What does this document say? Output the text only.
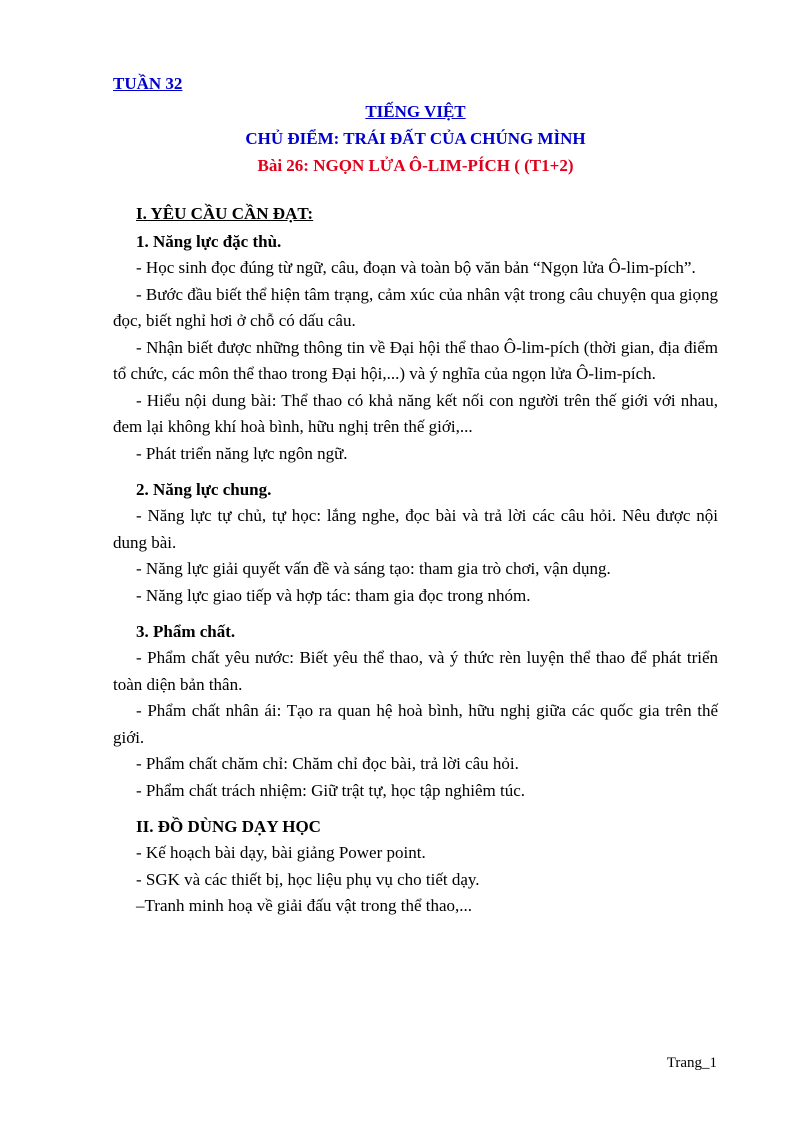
TUẦN 32

TIẾNG VIỆT

CHỦ ĐIỂM: TRÁI ĐẤT CỦA CHÚNG MÌNH

Bài 26: NGỌN LỬA Ô-LIM-PÍCH ( (T1+2)

I. YÊU CẦU CẦN ĐẠT:
1. Năng lực đặc thù.

- Học sinh đọc đúng từ ngữ, câu, đoạn và toàn bộ văn bản “Ngọn lửa Ô-lim-pích”.

- Bước đầu biết thể hiện tâm trạng, cảm xúc của nhân vật trong câu chuyện qua giọng đọc, biết nghỉ hơi ở chỗ có dấu câu.

- Nhận biết được những thông tin về Đại hội thể thao Ô-lim-pích (thời gian, địa điểm tổ chức, các môn thể thao trong Đại hội,...) và ý nghĩa của ngọn lửa Ô-lim-pích.

- Hiểu nội dung bài: Thể thao có khả năng kết nối con người trên thế giới với nhau, đem lại không khí hoà bình, hữu nghị trên thế giới,...

- Phát triển năng lực ngôn ngữ.

2. Năng lực chung.

- Năng lực tự chủ, tự học: lắng nghe, đọc bài và trả lời các câu hỏi. Nêu được nội dung bài.

- Năng lực giải quyết vấn đề và sáng tạo: tham gia trò chơi, vận dụng.

- Năng lực giao tiếp và hợp tác: tham gia đọc trong nhóm.

3. Phẩm chất.

- Phẩm chất yêu nước: Biết yêu thể thao, và ý thức rèn luyện thể thao để phát triển toàn diện bản thân.

- Phẩm chất nhân ái: Tạo ra quan hệ hoà bình, hữu nghị giữa các quốc gia trên thế giới.

- Phẩm chất chăm chỉ: Chăm chỉ đọc bài, trả lời câu hỏi.

- Phẩm chất trách nhiệm: Giữ trật tự, học tập nghiêm túc.

II. ĐỒ DÙNG DẠY HỌC

- Kế hoạch bài dạy, bài giảng Power point.

- SGK và các thiết bị, học liệu phụ vụ cho tiết dạy.

–Tranh minh hoạ về giải đấu vật trong thể thao,...

Trang_1
